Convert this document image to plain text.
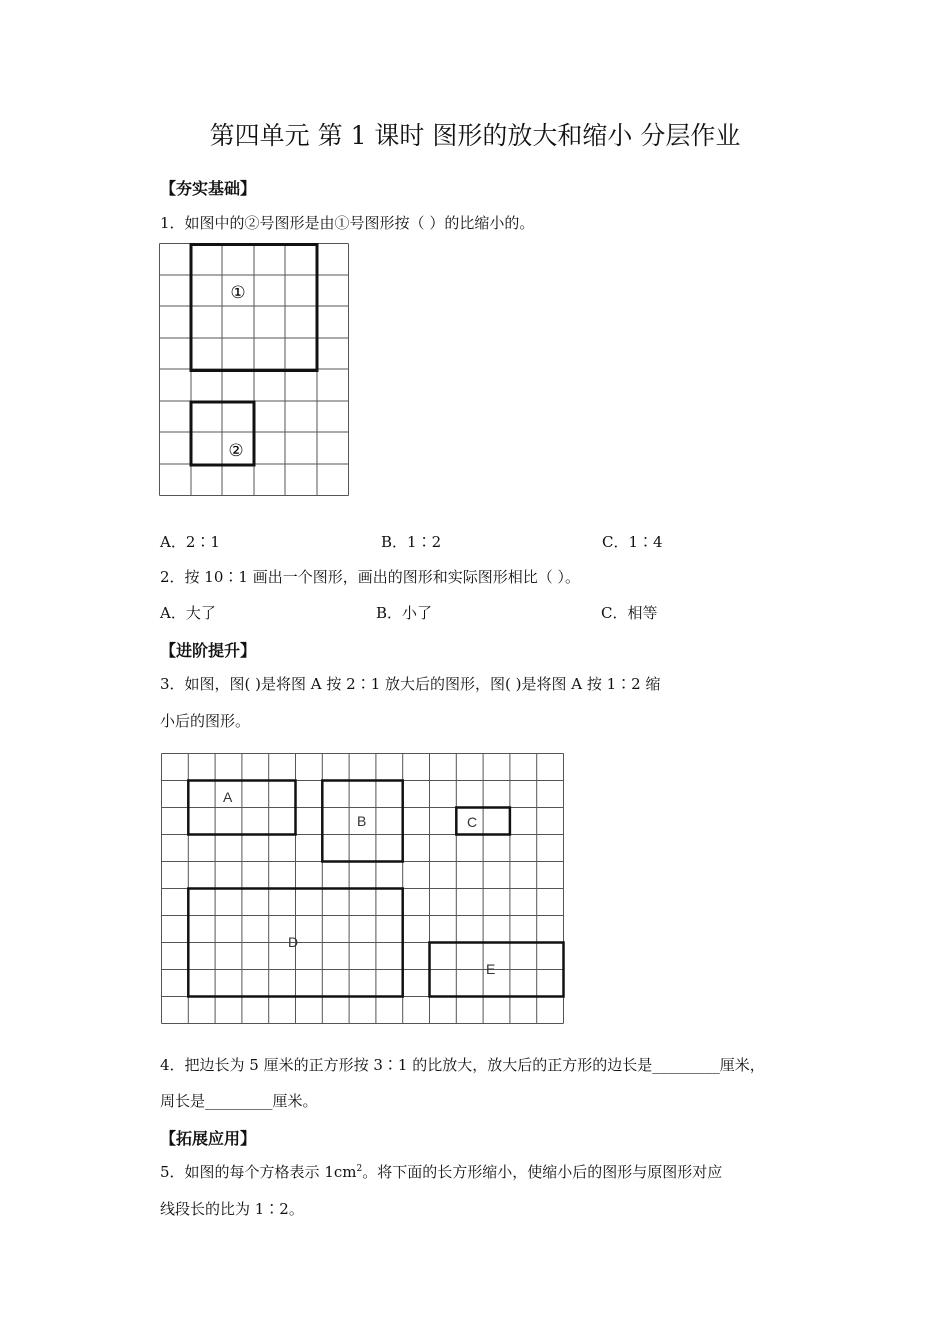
第四单元 第 1 课时 图形的放大和缩小 分层作业
【夯实基础】
1．如图中的②号图形是由①号图形按（ ）的比缩小的。
①
②
A．2∶1	B．1∶2	C．1∶4
2．按 10∶1 画出一个图形，画出的图形和实际图形相比（ ）。
A．大了	B．小了	C．相等
【进阶提升】
3．如图，图( )是将图 A 按 2∶1 放大后的图形，图( )是将图 A 按 1∶2 缩
小后的图形。
A
B	C
D
E
4．把边长为 5 厘米的正方形按 3∶1 的比放大，放大后的正方形的边长是_________厘米，
周长是_________厘米。
【拓展应用】
5．如图的每个方格表示 $1cm^2$。将下面的长方形缩小，使缩小后的图形与原图形对应
线段长的比为 1∶2。
